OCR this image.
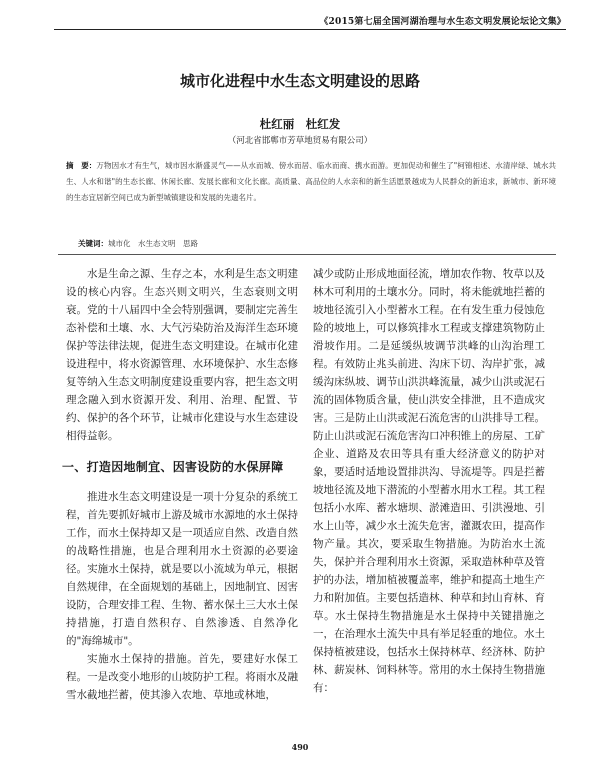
《2015第七届全国河湖治理与水生态文明发展论坛论文集》
城市化进程中水生态文明建设的思路
杜红丽　杜红发
（河北省邯郸市芳草地贸易有限公司）
摘　要：万物因水才有生气，城市因水渐盛灵气——从水而城、傍水而居、临水而商、携水而游。更加促动和催生了"柯锦相述、水清岸绿、城水共生、人水和谐"的生态长廊、休闲长廊、发展长廊和文化长廊。高质量、高品位的人水亲和的新生活愿景越成为人民群众的新追求，新城市、新环境的生态宜居新空间已成为新型城镇建设和发展的先遗名片。
关键词：城市化　水生态文明　思路

水是生命之源、生存之本，水利是生态文明建设的核心内容。生态兴则文明兴，生态衰则文明衰。党的十八届四中全会特别强调，要制定完善生态补偿和土壤、水、大气污染防治及海洋生态环境保护等法律法规，促进生态文明建设。在城市化建设进程中，将水资源管理、水环境保护、水生态修复等纳入生态文明制度建设重要内容，把生态文明理念融入到水资源开发、利用、治理、配置、节约、保护的各个环节，让城市化建设与水生态建设相得益彰。

一、打造因地制宜、因害设防的水保屏障

推进水生态文明建设是一项十分复杂的系统工程，首先要抓好城市上游及城市水源地的水土保持工作，而水土保持却又是一项适应自然、改造自然的战略性措施，也是合理利用水土资源的必要途径。实施水土保持，就是要以小流域为单元，根据自然规律，在全面规划的基础上，因地制宜、因害设防，合理安排工程、生物、蓄水保土三大水土保持措施，打造自然积存、自然渗透、自然净化的"海绵城市"。

实施水土保持的措施。首先，要建好水保工程。一是改变小地形的山坡防护工程。将雨水及融雪水截地拦蓄，使其渗入农地、草地或林地，

减少或防止形成地面径流，增加农作物、牧草以及林木可利用的土壤水分。同时，将未能就地拦蓄的坡地径流引入小型蓄水工程。在有发生重力侵蚀危险的坡地上，可以修筑排水工程或支撑建筑物防止滑坡作用。二是延缓纵坡调节洪峰的山沟治理工程。有效防止兆头前进、沟床下切、沟岸扩张，减缓沟床纵坡、调节山洪洪峰流量，减少山洪或泥石流的固体物质含量，使山洪安全排泄，且不造成灾害。三是防止山洪或泥石流危害的山洪排导工程。防止山洪或泥石流危害沟口冲积锥上的房屋、工矿企业、道路及农田等具有重大经济意义的防护对象，要适时适地设置排洪沟、导流堤等。四是拦蓄坡地径流及地下潜流的小型蓄水用水工程。其工程包括小水库、蓄水塘坝、淤滩造田、引洪漫地、引水上山等，减少水土流失危害，灌溉农田，提高作物产量。其次，要采取生物措施。为防治水土流失，保护并合理利用水土资源，采取造林种草及管护的办法，增加植被覆盖率，维护和提高土地生产力和附加值。主要包括造林、种草和封山育林、育草。水土保持生物措施是水土保持中关键措施之一，在治理水土流失中具有举足轻重的地位。水土保持植被建设，包括水土保持林草、经济林、防护林、薪炭林、饲料林等。常用的水土保持生物措施有：

490
